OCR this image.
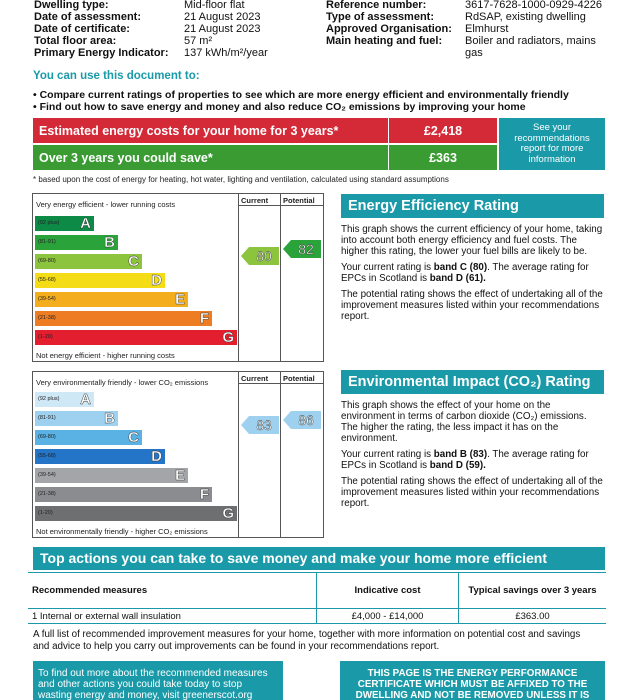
Dwelling type:	Mid-floor flat
Date of assessment:	21 August 2023
Date of certificate:	21 August 2023
Total floor area:	57 m²
Primary Energy Indicator:	137 kWh/m²/year
Reference number:	3617-7628-1000-0929-4226
Type of assessment:	RdSAP, existing dwelling
Approved Organisation:	Elmhurst
Main heating and fuel:	Boiler and radiators, mains
gas
You can use this document to:
• Compare current ratings of properties to see which are more energy efficient and environmentally friendly
• Find out how to save energy and money and also reduce CO₂ emissions by improving your home
Estimated energy costs for your home for 3 years*	£2,418
Over 3 years you could save*	£363
See your recommendations report for more information
* based upon the cost of energy for heating, hot water, lighting and ventilation, calculated using standard assumptions
Current Potential
Very energy efficient - lower running costs
Not energy efficient - higher running costs
(92 plus) A
(81-91)	B
(69-80)	C
(55-68)	D
(39-54)	E
(21-38)	F
(1-20)	G
80	82
Energy Efficiency Rating

This graph shows the current efficiency of your home, taking into account both energy efficiency and fuel costs. The higher this rating, the lower your fuel bills are likely to be.

Your current rating is band C (80). The average rating for EPCs in Scotland is band D (61).

The potential rating shows the effect of undertaking all of the improvement measures listed within your recommendations report.

Current Potential
Very environmentally friendly - lower CO₂ emissions
Not environmentally friendly - higher CO₂ emissions
(92 plus) A
(81-91)	B
(69-80)	C
(55-68)	D
(39-54)	E
(21-38)	F
(1-20)	G
83	86
Environmental Impact (CO₂) Rating

This graph shows the effect of your home on the environment in terms of carbon dioxide (CO₂) emissions. The higher the rating, the less impact it has on the environment.

Your current rating is band B (83). The average rating for EPCs in Scotland is band D (59).

The potential rating shows the effect of undertaking all of the improvement measures listed within your recommendations report.

Top actions you can take to save money and make your home more efficient
Recommended measures	Indicative cost	Typical savings over 3 years
1 Internal or external wall insulation	£4,000 - £14,000	£363.00
A full list of recommended improvement measures for your home, together with more information on potential cost and savings and advice to help you carry out improvements can be found in your recommendations report.
To find out more about the recommended measures and other actions you could take today to stop wasting energy and money, visit greenerscot.org
THIS PAGE IS THE ENERGY PERFORMANCE CERTIFICATE WHICH MUST BE AFFIXED TO THE DWELLING AND NOT BE REMOVED UNLESS IT IS
